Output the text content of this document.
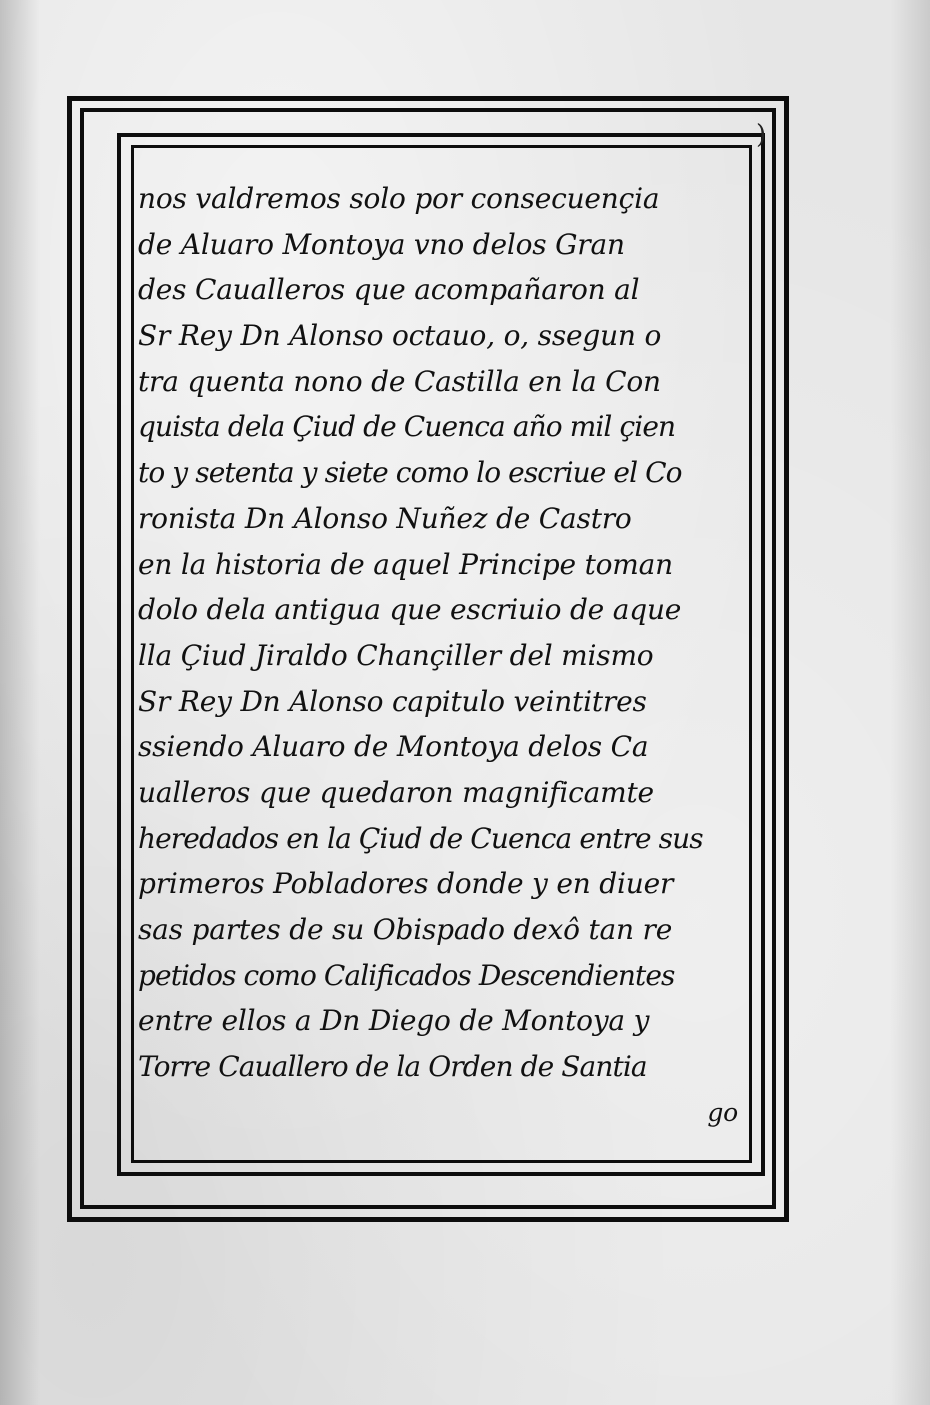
)
nos valdremos solo por consecuençia
de Aluaro Montoya vno delos Gran
des Caualleros que acompañaron al
Sr Rey Dn Alonso octauo, o, ssegun o
tra quenta nono de Castilla en la Con
quista dela Çiud de Cuenca año mil çien
to y setenta y siete como lo escriue el Co
ronista Dn Alonso Nuñez de Castro
en la historia de aquel Principe toman
dolo dela antigua que escriuio de aque
lla Çiud Jiraldo Chançiller del mismo
Sr Rey Dn Alonso capitulo veintitres
ssiendo Aluaro de Montoya delos Ca
ualleros que quedaron magnificamte
heredados en la Çiud de Cuenca entre sus
primeros Pobladores donde y en diuer
sas partes de su Obispado dexô tan re
petidos como Calificados Descendientes
entre ellos a Dn Diego de Montoya y
Torre Cauallero de la Orden de Santia
go
